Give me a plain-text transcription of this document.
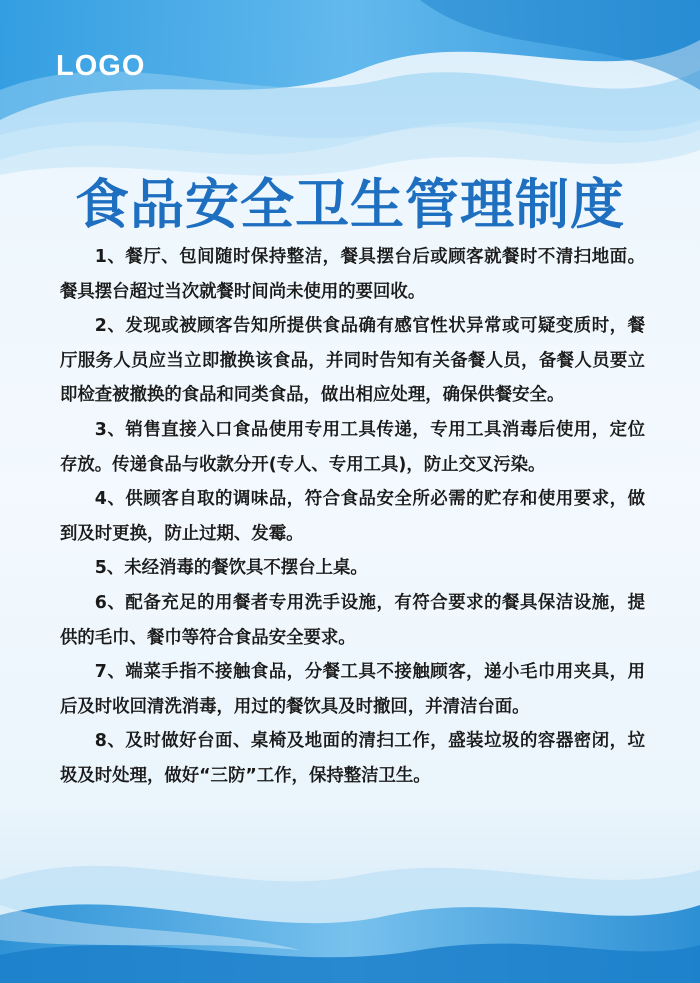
LOGO
食品安全卫生管理制度
1、餐厅、包间随时保持整洁，餐具摆台后或顾客就餐时不清扫地面。餐具摆台超过当次就餐时间尚未使用的要回收。
2、发现或被顾客告知所提供食品确有感官性状异常或可疑变质时，餐厅服务人员应当立即撤换该食品，并同时告知有关备餐人员，备餐人员要立即检查被撤换的食品和同类食品，做出相应处理，确保供餐安全。
3、销售直接入口食品使用专用工具传递，专用工具消毒后使用，定位存放。传递食品与收款分开(专人、专用工具)，防止交叉污染。
4、供顾客自取的调味品，符合食品安全所必需的贮存和使用要求，做到及时更换，防止过期、发霉。
5、未经消毒的餐饮具不摆台上桌。
6、配备充足的用餐者专用洗手设施，有符合要求的餐具保洁设施，提供的毛巾、餐巾等符合食品安全要求。
7、端菜手指不接触食品，分餐工具不接触顾客，递小毛巾用夹具，用后及时收回清洗消毒，用过的餐饮具及时撤回，并清洁台面。
8、及时做好台面、桌椅及地面的清扫工作，盛装垃圾的容器密闭，垃圾及时处理，做好“三防”工作，保持整洁卫生。
